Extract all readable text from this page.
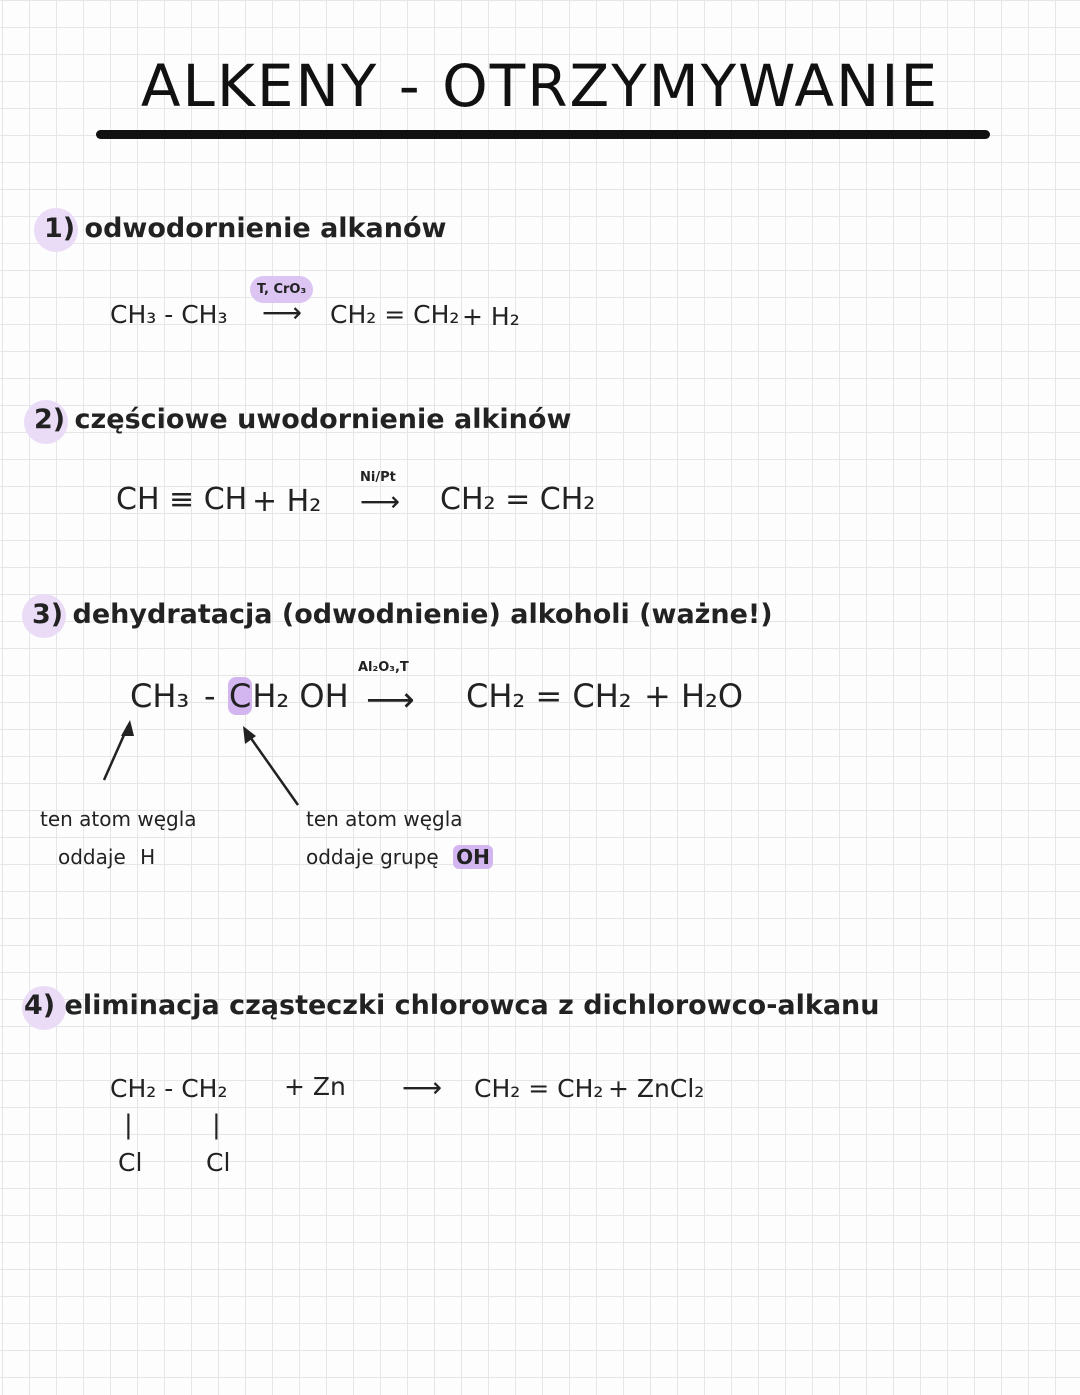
ALKENY - OTRZYMYWANIE
1) odwodornienie alkanów
CH₃ - CH₃
T, CrO₃
⟶ CH₂ = CH₂ + H₂
2) częściowe uwodornienie alkinów
CH ≡ CH + H₂
Ni/Pt
⟶ CH₂ = CH₂
3) dehydratacja (odwodnienie) alkoholi (ważne!)
CH₃ - CH₂ OH
Al₂O₃,T
⟶ CH₂ = CH₂ + H₂O
ten atom węgla
oddaje H
ten atom węgla
oddaje grupę OH
4) eliminacja cząsteczki chlorowca z dichlorowco-alkanu
CH₂ - CH₂ + Zn ⟶ CH₂ = CH₂ + ZnCl₂
|	|
Cl	Cl
